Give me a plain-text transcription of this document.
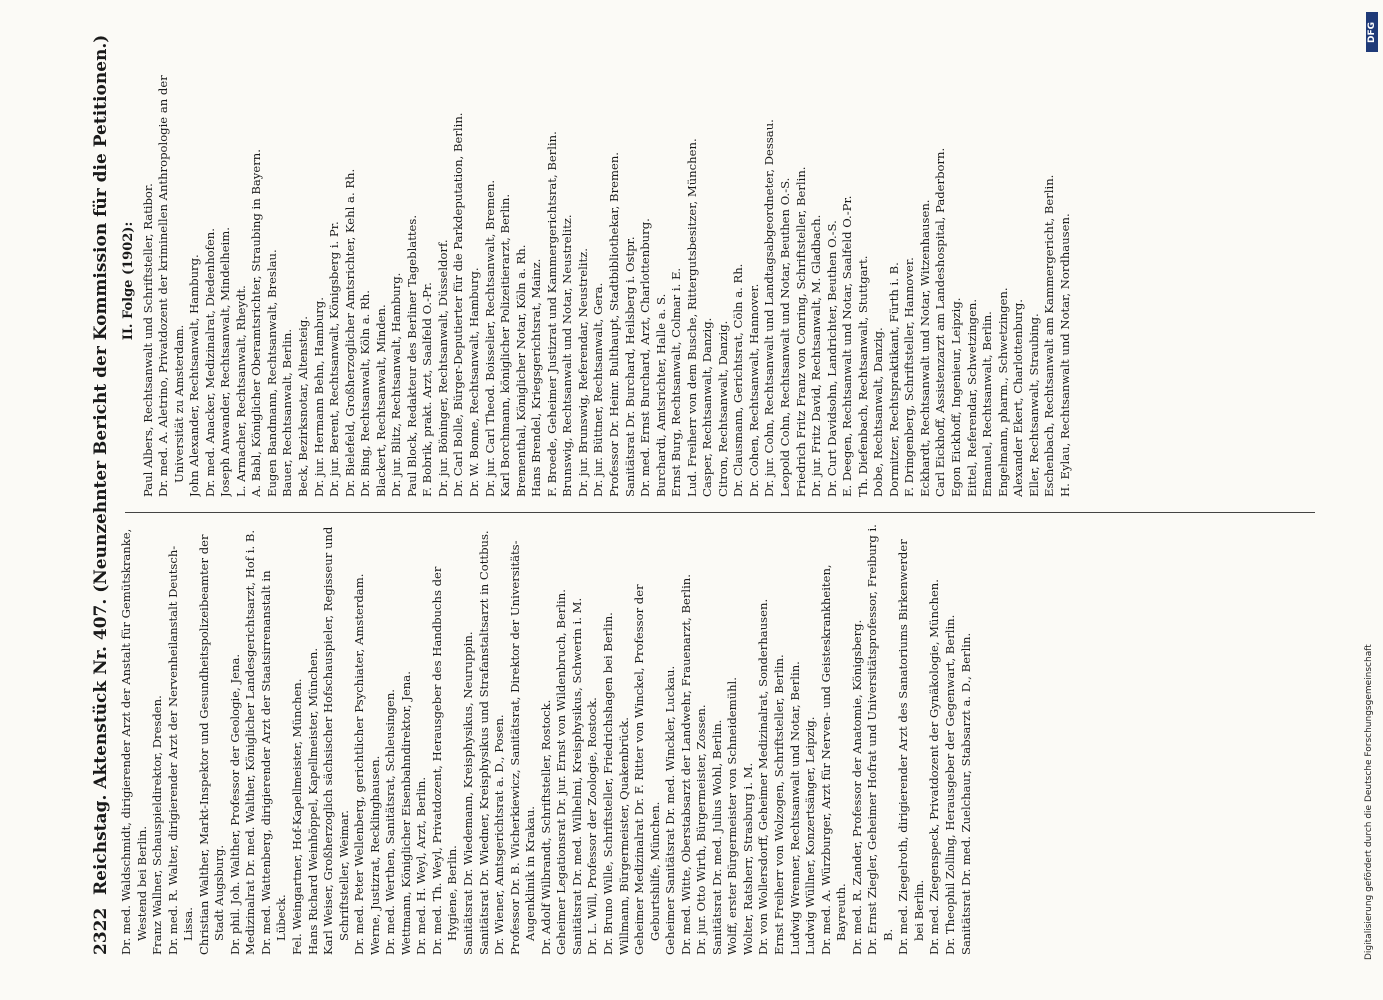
2322
Reichstag. Aktenstück Nr. 407. (Neunzehnter Bericht der Kommission für die Petitionen.) Dr. med. Waldschmidt, dirigierender Arzt der Anstalt für Gemütskranke, Westend bei Berlin. Franz Wallner, Schauspieldirektor, Dresden. Dr. med. R. Walter, dirigierender Arzt der Nervenheilanstalt Deutsch-Lissa. Christian Walther, Markt-Inspektor und Gesundheitspolizeibeamter der Stadt Augsburg. Dr. phil. Joh. Walther, Professor der Geologie, Jena. Medizinalrat Dr. med. Walther, Königlicher Landesgerichtsarzt, Hof i. B. Dr. med. Wattenberg, dirigierender Arzt der Staatsirrenanstalt in Lübeck. Fel. Weingartner, Hof-Kapellmeister, München. Hans Richard Weinhöppel, Kapellmeister, München. Karl Weiser, Großherzoglich sächsischer Hofschauspieler, Regisseur und Schriftsteller, Weimar. Dr. med. Peter Wellenberg, gerichtlicher Psychiater, Amsterdam. Werne, Justizrat, Recklinghausen. Dr. med. Werthen, Sanitätsrat, Schleusingen. Wettmann, Königlicher Eisenbahndirektor, Jena. Dr. med. H. Weyl, Arzt, Berlin. Dr. med. Th. Weyl, Privatdozent, Herausgeber des Handbuchs der Hygiene, Berlin. Sanitätsrat Dr. Wiedemann, Kreisphysikus, Neuruppin. Sanitätsrat Dr. Wiedner, Kreisphysikus und Strafanstaltsarzt in Cottbus. Dr. Wiener, Amtsgerichtsrat a. D., Posen. Professor Dr. B. Wicherkiewicz, Sanitätsrat, Direktor der Universitäts-Augenklinik in Krakau. Dr. Adolf Wilbrandt, Schriftsteller, Rostock. Geheimer Legationsrat Dr. jur. Ernst von Wildenbruch, Berlin. Sanitätsrat Dr. med. Wilhelmi, Kreisphysikus, Schwerin i. M. Dr. L. Will, Professor der Zoologie, Rostock. Dr. Bruno Wille, Schriftsteller, Friedrichshagen bei Berlin. Willmann, Bürgermeister, Quakenbrück. Geheimer Medizinalrat Dr. F. Ritter von Winckel, Professor der Geburtshilfe, München. Geheimer Sanitätsrat Dr. med. Winckler, Luckau. Dr. med. Witte, Oberstabsarzt der Landwehr, Frauenarzt, Berlin. Dr. jur. Otto Wirth, Bürgermeister, Zossen. Sanitätsrat Dr. med. Julius Wohl, Berlin. Wolff, erster Bürgermeister von Schneidemühl. Wolter, Ratsherr, Strasburg i. M. Dr. von Wollersdorff, Geheimer Medizinalrat, Sonderhausen. Ernst Freiherr von Wolzogen, Schriftsteller, Berlin. Ludwig Wrenner, Rechtsanwalt und Notar, Berlin. Ludwig Wüllner, Konzertsänger, Leipzig. Dr. med. A. Würzburger, Arzt für Nerven- und Geisteskrankheiten, Bayreuth. Dr. med. R. Zander, Professor der Anatomie, Königsberg. Dr. Ernst Ziegler, Geheimer Hofrat und Universitätsprofessor, Freiburg i. B. Dr. med. Ziegelroth, dirigierender Arzt des Sanatoriums Birkenwerder bei Berlin. Dr. med. Ziegenspeck, Privatdozent der Gynäkologie, München. Dr. Theophil Zolling, Herausgeber der Gegenwart, Berlin. Sanitätsrat Dr. med. Zuelchaur, Stabsarzt a. D., Berlin.

II. Folge (1902): Paul Albers, Rechtsanwalt und Schriftsteller, Ratibor. Dr. med. A. Aletrino, Privatdozent der kriminellen Anthropologie an der Universität zu Amsterdam. John Alexander, Rechtsanwalt, Hamburg. Dr. med. Anacker, Medizinalrat, Diedenhofen. Joseph Anwander, Rechtsanwalt, Mindelheim. L. Armacher, Rechtsanwalt, Rheydt. A. Babl, Königlicher Oberamtsrichter, Straubing in Bayern. Eugen Bandmann, Rechtsanwalt, Breslau. Bauer, Rechtsanwalt, Berlin. Beck, Bezirksnotar, Altensteig. Dr. jur. Hermann Behn, Hamburg. Dr. jur. Berent, Rechtsanwalt, Königsberg i. Pr. Dr. Bielefeld, Großherzoglicher Amtsrichter, Kehl a. Rh. Dr. Bing, Rechtsanwalt, Köln a. Rh. Blackert, Rechtsanwalt, Minden. Dr. jur. Blitz, Rechtsanwalt, Hamburg. Paul Block, Redakteur des Berliner Tageblattes. F. Bobrik, prakt. Arzt, Saalfeld O.-Pr. Dr. jur. Böninger, Rechtsanwalt, Düsseldorf. Dr. Carl Bolle, Bürger-Deputierter für die Parkdeputation, Berlin. Dr. W. Bonne, Rechtsanwalt, Hamburg. Dr. jur. Carl Theod. Boisselier, Rechtsanwalt, Bremen. Karl Borchmann, königlicher Polizeitierarzt, Berlin. Brementhal, Königlicher Notar, Köln a. Rh. Hans Brendel, Kriegsgerichtsrat, Mainz. F. Broede, Geheimer Justizrat und Kammergerichtsrat, Berlin. Brunswig, Rechtsanwalt und Notar, Neustrelitz. Dr. jur. Brunswig, Referendar, Neustrelitz. Dr. jur. Büttner, Rechtsanwalt, Gera. Professor Dr. Heinr. Bulthaupt, Stadtbibliothekar, Bremen. Sanitätsrat Dr. Burchard, Heilsberg i. Ostpr. Dr. med. Ernst Burchard, Arzt, Charlottenburg. Burchardi, Amtsrichter, Halle a. S. Ernst Burg, Rechtsanwalt, Colmar i. E. Lud. Freiherr von dem Busche, Rittergutsbesitzer, München. Casper, Rechtsanwalt, Danzig. Citron, Rechtsanwalt, Danzig. Dr. Clausmann, Gerichtsrat, Cöln a. Rh. Dr. Cohen, Rechtsanwalt, Hannover. Dr. jur. Cohn, Rechtsanwalt und Landtagsabgeordneter, Dessau. Leopold Cohn, Rechtsanwalt und Notar, Beuthen O.-S. Friedrich Fritz Franz von Conring, Schriftsteller, Berlin. Dr. jur. Fritz David, Rechtsanwalt, M. Gladbach. Dr. Curt Davidsohn, Landrichter, Beuthen O.-S. E. Deegen, Rechtsanwalt und Notar, Saalfeld O.-Pr. Th. Diefenbach, Rechtsanwalt, Stuttgart. Dobe, Rechtsanwalt, Danzig. Dormitzer, Rechtspraktikant, Fürth i. B. F. Dringenberg, Schriftsteller, Hannover. Eckhardt, Rechtsanwalt und Notar, Witzenhausen. Carl Eickhoff, Assistenzarzt am Landeshospital, Paderborn. Egon Eickhoff, Ingenieur, Leipzig. Eittel, Referendar, Schwetzingen. Emanuel, Rechtsanwalt, Berlin. Engelmann, pharm., Schwetzingen. Alexander Ekert, Charlottenburg. Eller, Rechtsanwalt, Straubing. Eschenbach, Rechtsanwalt am Kammergericht, Berlin. H. Eylau, Rechtsanwalt und Notar, Nordhausen.

DFG
Digitalisierung gefördert durch die Deutsche Forschungsgemeinschaft
